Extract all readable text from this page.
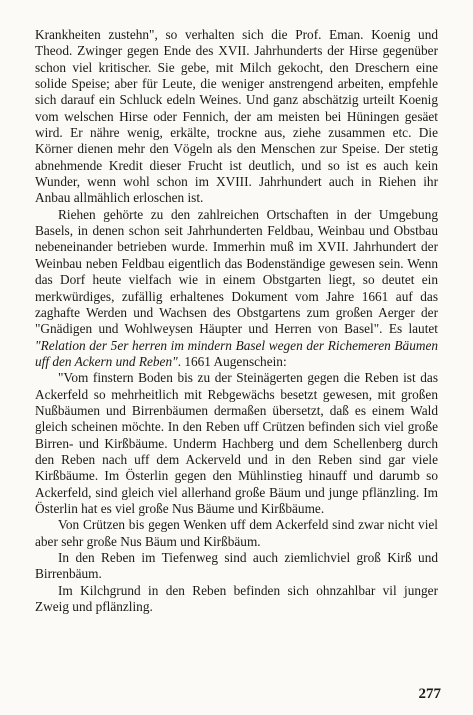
Krankheiten zustehn", so verhalten sich die Prof. Eman. Koenig und Theod. Zwinger gegen Ende des XVII. Jahrhunderts der Hirse gegenüber schon viel kritischer. Sie gebe, mit Milch gekocht, den Dreschern eine solide Speise; aber für Leute, die weniger anstrengend arbeiten, empfehle sich darauf ein Schluck edeln Weines. Und ganz abschätzig urteilt Koenig vom welschen Hirse oder Fennich, der am meisten bei Hüningen gesäet wird. Er nähre wenig, erkälte, trockne aus, ziehe zusammen etc. Die Körner dienen mehr den Vögeln als den Menschen zur Speise. Der stetig abnehmende Kredit dieser Frucht ist deutlich, und so ist es auch kein Wunder, wenn wohl schon im XVIII. Jahrhundert auch in Riehen ihr Anbau allmählich erloschen ist.

Riehen gehörte zu den zahlreichen Ortschaften in der Umgebung Basels, in denen schon seit Jahrhunderten Feldbau, Weinbau und Obstbau nebeneinander betrieben wurde. Immerhin muß im XVII. Jahrhundert der Weinbau neben Feldbau eigentlich das Bodenständige gewesen sein. Wenn das Dorf heute vielfach wie in einem Obstgarten liegt, so deutet ein merkwürdiges, zufällig erhaltenes Dokument vom Jahre 1661 auf das zaghafte Werden und Wachsen des Obstgartens zum großen Aerger der "Gnädigen und Wohlweysen Häupter und Herren von Basel". Es lautet "Relation der 5er herren im mindern Basel wegen der Richemeren Bäumen uff den Ackern und Reben". 1661 Augenschein:

"Vom finstern Boden bis zu der Steinägerten gegen die Reben ist das Ackerfeld so mehrheitlich mit Rebgewächs besetzt gewesen, mit großen Nußbäumen und Birrenbäumen dermaßen übersetzt, daß es einem Wald gleich scheinen möchte. In den Reben uff Crützen befinden sich viel große Birren- und Kirßbäume. Underm Hachberg und dem Schellenberg durch den Reben nach uff dem Ackerveld und in den Reben sind gar viele Kirßbäume. Im Österlin gegen den Mühlinstieg hinauff und darumb so Ackerfeld, sind gleich viel allerhand große Bäum und junge pflänzling. Im Österlin hat es viel große Nus Bäume und Kirßbäume.

Von Crützen bis gegen Wenken uff dem Ackerfeld sind zwar nicht viel aber sehr große Nus Bäum und Kirßbäum.

In den Reben im Tiefenweg sind auch ziemlichviel groß Kirß und Birrenbäum.

Im Kilchgrund in den Reben befinden sich ohnzahlbar vil junger Zweig und pflänzling.

277
